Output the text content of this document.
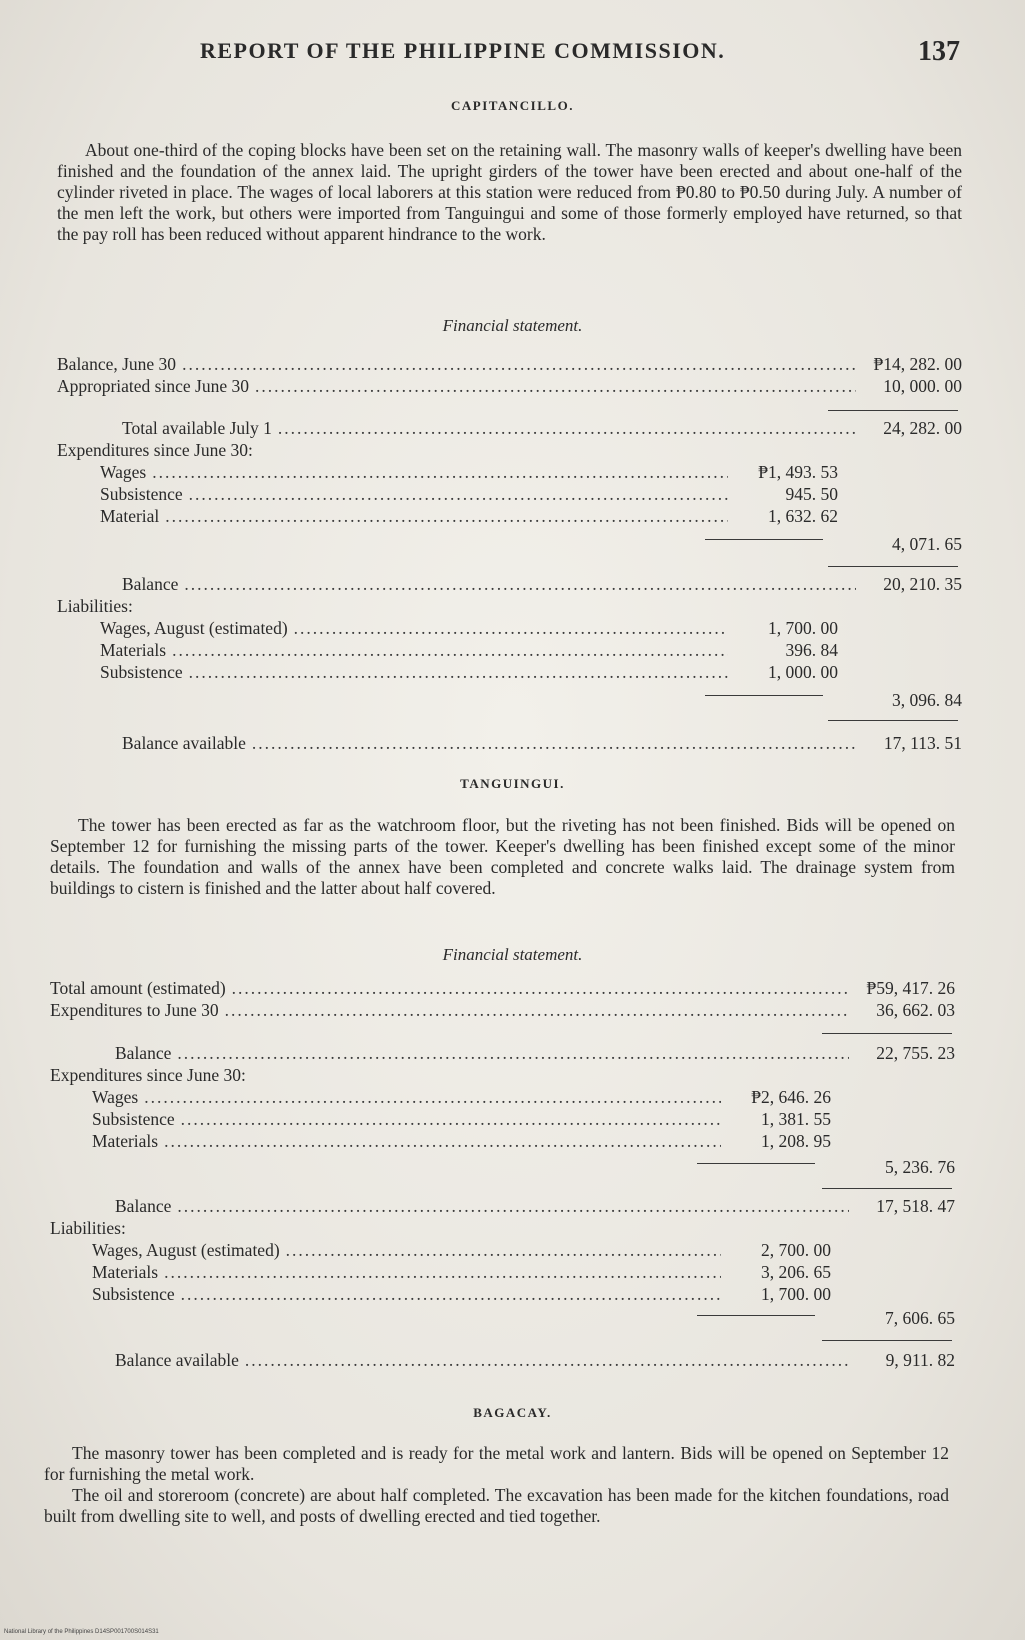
REPORT OF THE PHILIPPINE COMMISSION.	137
CAPITANCILLO.

About one-third of the coping blocks have been set on the retaining wall. The masonry walls of keeper's dwelling have been finished and the foundation of the annex laid. The upright girders of the tower have been erected and about one-half of the cylinder riveted in place. The wages of local laborers at this station were reduced from ₱0.80 to ₱0.50 during July. A number of the men left the work, but others were imported from Tanguingui and some of those formerly employed have returned, so that the pay roll has been reduced without apparent hindrance to the work.

Financial statement.
Balance, June 30 .....	₱14, 282. 00
Appropriated since June 30 .....	10, 000. 00
Total available July 1 .....	24, 282. 00
Expenditures since June 30:
Wages .....	₱1, 493. 53
Subsistence .....	945. 50
Material .....	1, 632. 62
4, 071. 65
Balance .....	20, 210. 35
Liabilities:
Wages, August (estimated) .....	1, 700. 00
Materials .....	396. 84
Subsistence .....	1, 000. 00
3, 096. 84
Balance available .....	17, 113. 51
TANGUINGUI.

The tower has been erected as far as the watchroom floor, but the riveting has not been finished. Bids will be opened on September 12 for furnishing the missing parts of the tower. Keeper's dwelling has been finished except some of the minor details. The foundation and walls of the annex have been completed and concrete walks laid. The drainage system from buildings to cistern is finished and the latter about half covered.

Financial statement.
Total amount (estimated) .....	₱59, 417. 26
Expenditures to June 30 .....	36, 662. 03
Balance .....	22, 755. 23
Expenditures since June 30:
Wages .....	₱2, 646. 26
Subsistence .....	1, 381. 55
Materials .....	1, 208. 95
5, 236. 76
Balance .....	17, 518. 47
Liabilities:
Wages, August (estimated) .....	2, 700. 00
Materials .....	3, 206. 65
Subsistence .....	1, 700. 00
7, 606. 65
Balance available .....	9, 911. 82
BAGACAY.

The masonry tower has been completed and is ready for the metal work and lantern. Bids will be opened on September 12 for furnishing the metal work.

The oil and storeroom (concrete) are about half completed. The excavation has been made for the kitchen foundations, road built from dwelling site to well, and posts of dwelling erected and tied together.

National Library of the Philippines D14SP001700S014S31
